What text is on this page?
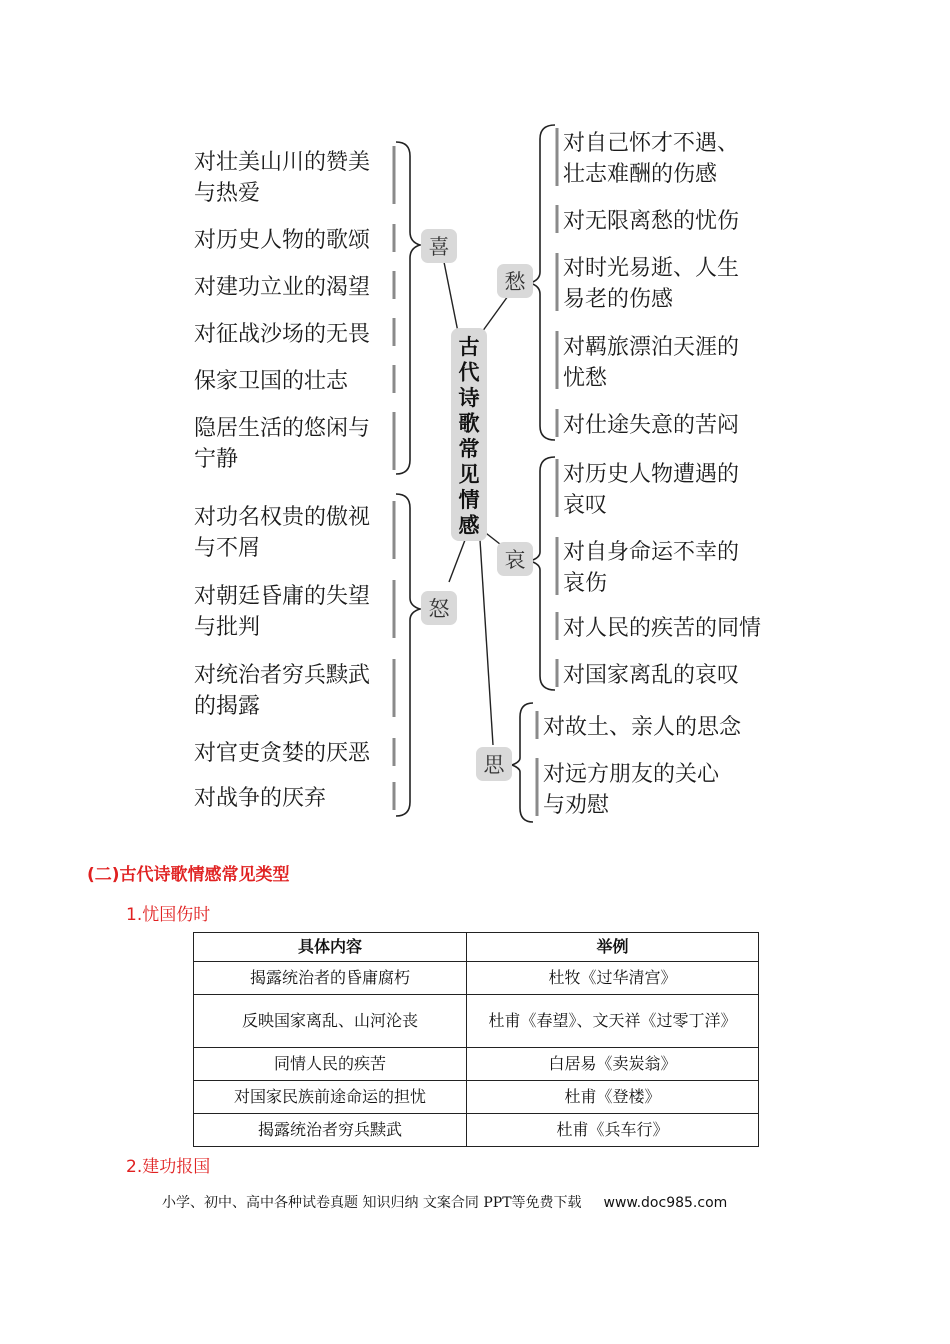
对壮美山川的赞美
与热爱
对历史人物的歌颂
对建功立业的渴望
对征战沙场的无畏
保家卫国的壮志
隐居生活的悠闲与
宁静
对功名权贵的傲视
与不屑
对朝廷昏庸的失望
与批判
对统治者穷兵黩武
的揭露
对官吏贪婪的厌恶
对战争的厌弃
对自己怀才不遇、
壮志难酬的伤感
对无限离愁的忧伤
对时光易逝、人生
易老的伤感
对羁旅漂泊天涯的
忧愁
对仕途失意的苦闷
对历史人物遭遇的
哀叹
对自身命运不幸的
哀伤
对人民的疾苦的同情
对国家离乱的哀叹
对故土、亲人的思念
对远方朋友的关心
与劝慰
喜
愁
怒
哀
思
古代诗歌常见情感
(二)古代诗歌情感常见类型
1.忧国伤时
具体内容	举例
揭露统治者的昏庸腐朽	杜牧《过华清宫》
反映国家离乱、山河沦丧	杜甫《春望》、文天祥《过零丁洋》
同情人民的疾苦	白居易《卖炭翁》
对国家民族前途命运的担忧	杜甫《登楼》
揭露统治者穷兵黩武	杜甫《兵车行》
2.建功报国
小学、初中、高中各种试卷真题 知识归纳 文案合同 PPT等免费下载 www.doc985.com
